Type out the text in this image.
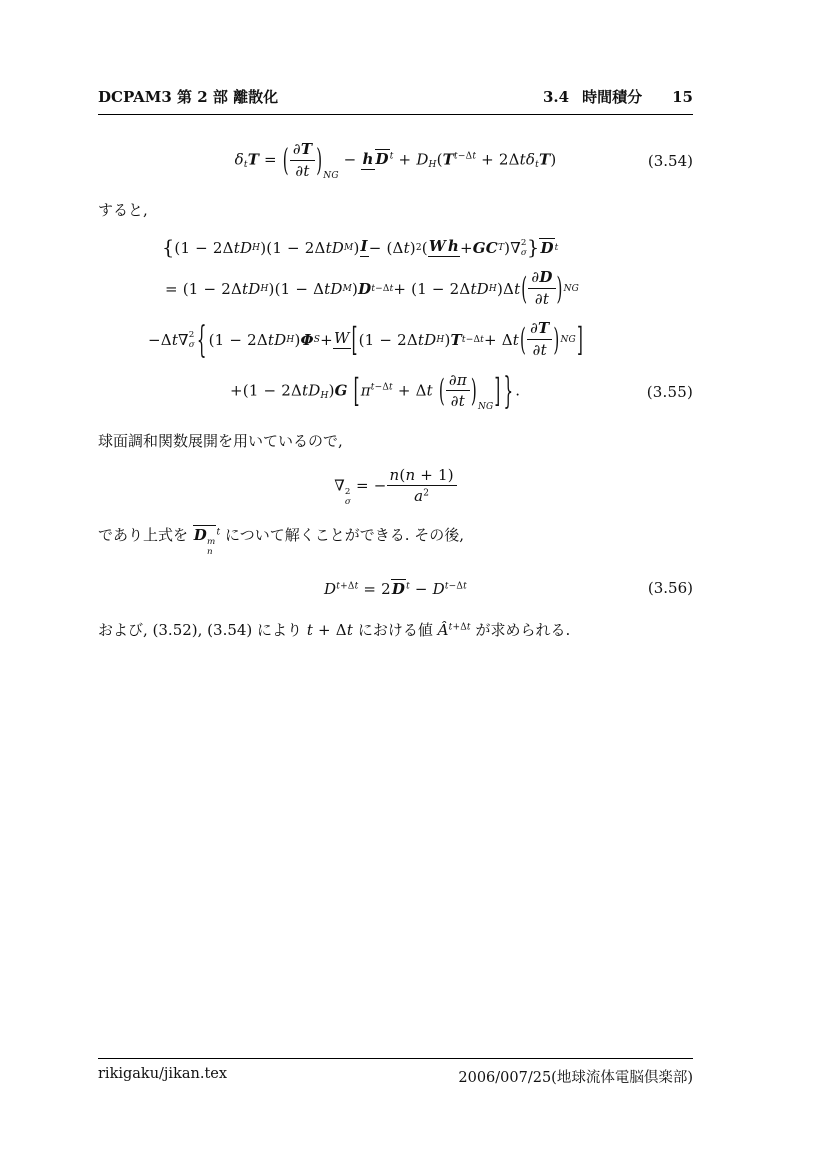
DCPAM3 第 2 部 離散化	3.4 時間積分 15
$\delta_tT$ = ( $\frac{\partial T}{\partial t} )_{NG} - h$ $D^t + D_H(T^{t-\Delta t} + 2\Delta t\delta_tT)$	(3.54)

すると,

{ (1 − 2Δ t D H )(1 − 2Δ t D M ) I − (Δ t ) 2 ( W h + GC T )∇ 2
σ } D t
= (1 − 2Δ t D H )(1 − Δ t D M ) D t−Δt + (1 − 2Δ t D H )Δ t ( ∂D
∂t ) NG
−Δ t ∇ 2
σ { (1 − 2Δ t D H ) Φ S + W [ (1 − 2Δ t D H ) T t−Δt + Δ t ( ∂T
∂t ) NG ]
+(1 − 2ΔtD$_H$)G [$\pi^{t-\Delta t} + \Delta t$ ( $\frac{\partial\pi}{\partial t} )_{NG}$] } .	(3.55)

球面調和関数展開を用いているので,

∇ 2
σ
= − $\frac{n(n + 1)}{a^2}$

であり上式を D m
n
$^t$ について解くことができる. その後,

$D^{t+\Delta t} = 2D^t - D^{t-\Delta t}$	(3.56)

および, (3.52), (3.54) により t + Δt における値 $Â^{t+\Delta t}$ が求められる.

rikigaku/jikan.tex	2006/007/25(地球流体電脳倶楽部)
